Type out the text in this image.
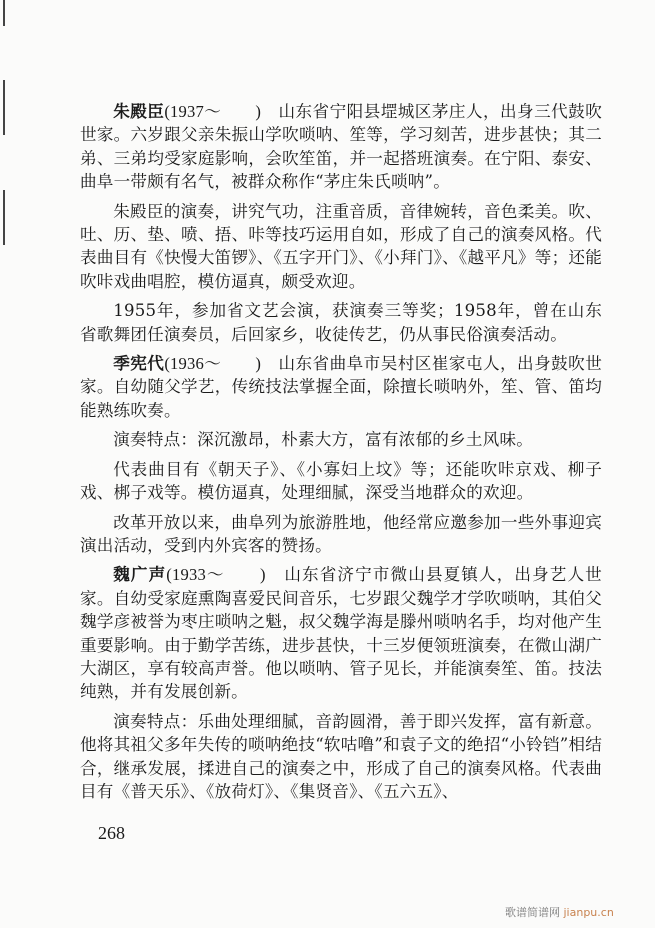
朱殿臣(1937～　　)　山东省宁阳县堽城区茅庄人，出身三代鼓吹世家。六岁跟父亲朱振山学吹唢呐、笙等，学习刻苦，进步甚快；其二弟、三弟均受家庭影响，会吹笙笛，并一起搭班演奏。在宁阳、泰安、曲阜一带颇有名气，被群众称作“茅庄朱氏唢呐”。

朱殿臣的演奏，讲究气功，注重音质，音律婉转，音色柔美。吹、吐、历、垫、喷、捂、咔等技巧运用自如，形成了自己的演奏风格。代表曲目有《快慢大笛锣》、《五字开门》、《小拜门》、《越平凡》等；还能吹咔戏曲唱腔，模仿逼真，颇受欢迎。

1955年，参加省文艺会演，获演奏三等奖；1958年，曾在山东省歌舞团任演奏员，后回家乡，收徒传艺，仍从事民俗演奏活动。

季宪代(1936～　　)　山东省曲阜市吴村区崔家屯人，出身鼓吹世家。自幼随父学艺，传统技法掌握全面，除擅长唢呐外，笙、管、笛均能熟练吹奏。

演奏特点：深沉激昂，朴素大方，富有浓郁的乡土风味。

代表曲目有《朝天子》、《小寡妇上坟》等；还能吹咔京戏、柳子戏、梆子戏等。模仿逼真，处理细腻，深受当地群众的欢迎。

改革开放以来，曲阜列为旅游胜地，他经常应邀参加一些外事迎宾演出活动，受到内外宾客的赞扬。

魏广声(1933～　　)　山东省济宁市微山县夏镇人，出身艺人世家。自幼受家庭熏陶喜爱民间音乐，七岁跟父魏学才学吹唢呐，其伯父魏学彦被誉为枣庄唢呐之魁，叔父魏学海是滕州唢呐名手，均对他产生重要影响。由于勤学苦练，进步甚快，十三岁便领班演奏，在微山湖广大湖区，享有较高声誉。他以唢呐、管子见长，并能演奏笙、笛。技法纯熟，并有发展创新。

演奏特点：乐曲处理细腻，音韵圆滑，善于即兴发挥，富有新意。他将其祖父多年失传的唢呐绝技“软咕噜”和袁子文的绝招“小铃铛”相结合，继承发展，揉进自己的演奏之中，形成了自己的演奏风格。代表曲目有《普天乐》、《放荷灯》、《集贤音》、《五六五》、

268
歌谱简谱网 jianpu.cn
